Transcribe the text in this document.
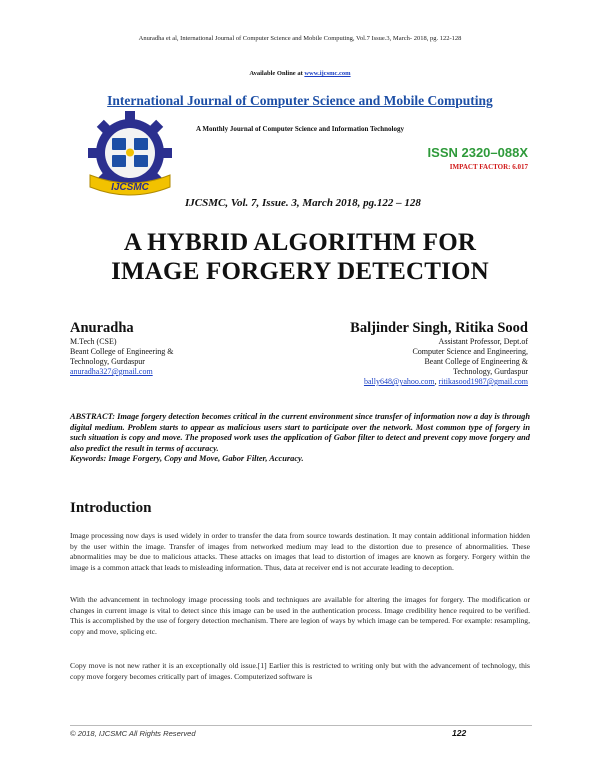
Anuradha et al, International Journal of Computer Science and Mobile Computing, Vol.7 Issue.3, March- 2018, pg. 122-128
Available Online at www.ijcsmc.com
International Journal of Computer Science and Mobile Computing
A Monthly Journal of Computer Science and Information Technology
IJCSMC
ISSN 2320–088X
IMPACT FACTOR: 6.017
IJCSMC, Vol. 7, Issue. 3, March 2018, pg.122 – 128
A HYBRID ALGORITHM FOR
IMAGE FORGERY DETECTION
Anuradha
M.Tech (CSE)
Beant College of Engineering &
Technology, Gurdaspur
anuradha327@gmail.com
Baljinder Singh, Ritika Sood
Assistant Professor, Dept.of
Computer Science and Engineering,
Beant College of Engineering &
Technology, Gurdaspur
bally648@yahoo.com, ritikasood1987@gmail.com
ABSTRACT: Image forgery detection becomes critical in the current environment since transfer of information now a day is through digital medium. Problem starts to appear as malicious users start to participate over the network. Most common type of forgery in such situation is copy and move. The proposed work uses the application of Gabor filter to detect and prevent copy move forgery and also predict the result in terms of accuracy.
Keywords: Image Forgery, Copy and Move, Gabor Filter, Accuracy.
Introduction
Image processing now days is used widely in order to transfer the data from source towards destination. It may contain additional information hidden by the user within the image. Transfer of images from networked medium may lead to the distortion due to presence of abnormalities. These abnormalities may be due to malicious attacks. These attacks on images that lead to distortion of images are known as forgery. Forgery within the image is a common attack that leads to misleading information. Thus, data at receiver end is not accurate leading to deception.
With the advancement in technology image processing tools and techniques are available for altering the images for forgery. The modification or changes in current image is vital to detect since this image can be used in the authentication process. Image credibility hence required to be verified. This is accomplished by the use of forgery detection mechanism. There are legion of ways by which image can be tempered. For example: resampling, copy and move, splicing etc.
Copy move is not new rather it is an exceptionally old issue.[1] Earlier this is restricted to writing only but with the advancement of technology, this copy move forgery becomes critically part of images. Computerized software is
© 2018, IJCSMC All Rights Reserved	122
